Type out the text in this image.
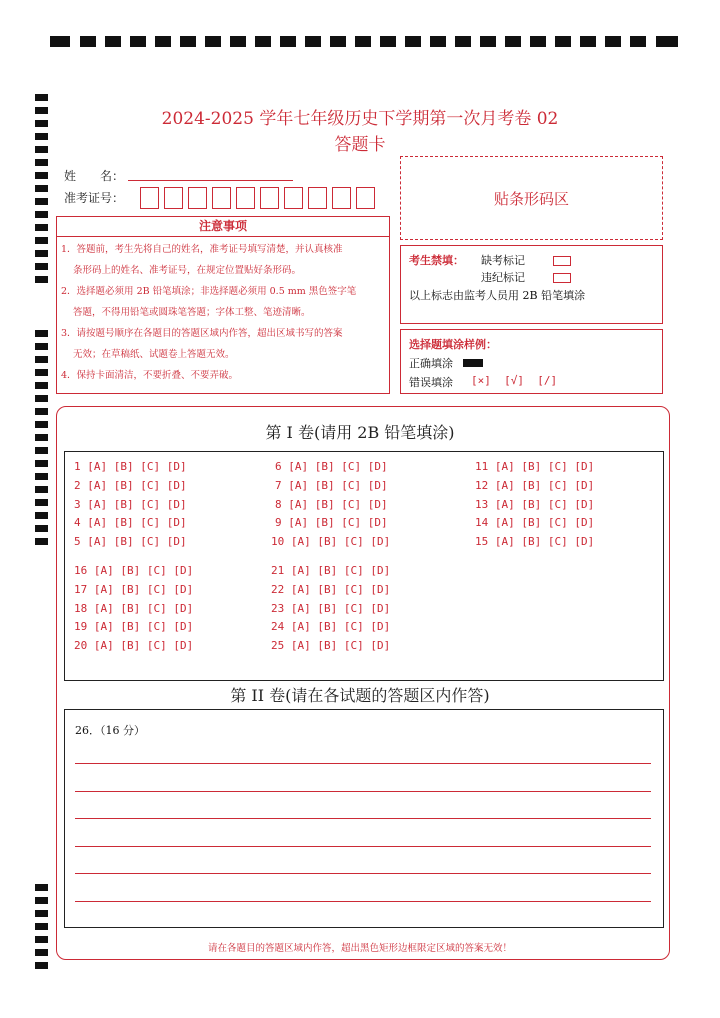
2024-2025 学年七年级历史下学期第一次月考卷 02
答题卡
姓　　名：
准考证号：	贴条形码区
注意事项
1．答题前，考生先将自己的姓名，准考证号填写清楚，并认真核准
条形码上的姓名、准考证号，在规定位置贴好条形码。
2．选择题必须用 2B 铅笔填涂；非选择题必须用 0.5 mm 黑色签字笔
答题，不得用铅笔或圆珠笔答题；字体工整、笔迹清晰。
3．请按题号顺序在各题目的答题区域内作答，超出区域书写的答案
无效；在草稿纸、试题卷上答题无效。
4．保持卡面清洁，不要折叠、不要弄破。
考生禁填： 缺考标记
违纪标记
以上标志由监考人员用 2B 铅笔填涂
选择题填涂样例：
正确填涂
错误填涂 [×]  [√]  [/]
第 I 卷(请用 2B 铅笔填涂)
1 [A] [B] [C] [D]
2 [A] [B] [C] [D]
3 [A] [B] [C] [D]
4 [A] [B] [C] [D]
5 [A] [B] [C] [D]
6 [A] [B] [C] [D]
7 [A] [B] [C] [D]
8 [A] [B] [C] [D]
9 [A] [B] [C] [D]
10 [A] [B] [C] [D]
11 [A] [B] [C] [D]
12 [A] [B] [C] [D]
13 [A] [B] [C] [D]
14 [A] [B] [C] [D]
15 [A] [B] [C] [D]
16 [A] [B] [C] [D]
17 [A] [B] [C] [D]
18 [A] [B] [C] [D]
19 [A] [B] [C] [D]
20 [A] [B] [C] [D]
21 [A] [B] [C] [D]
22 [A] [B] [C] [D]
23 [A] [B] [C] [D]
24 [A] [B] [C] [D]
25 [A] [B] [C] [D]
第 II 卷(请在各试题的答题区内作答)
26．（16 分）
请在各题目的答题区域内作答，超出黑色矩形边框限定区域的答案无效！
